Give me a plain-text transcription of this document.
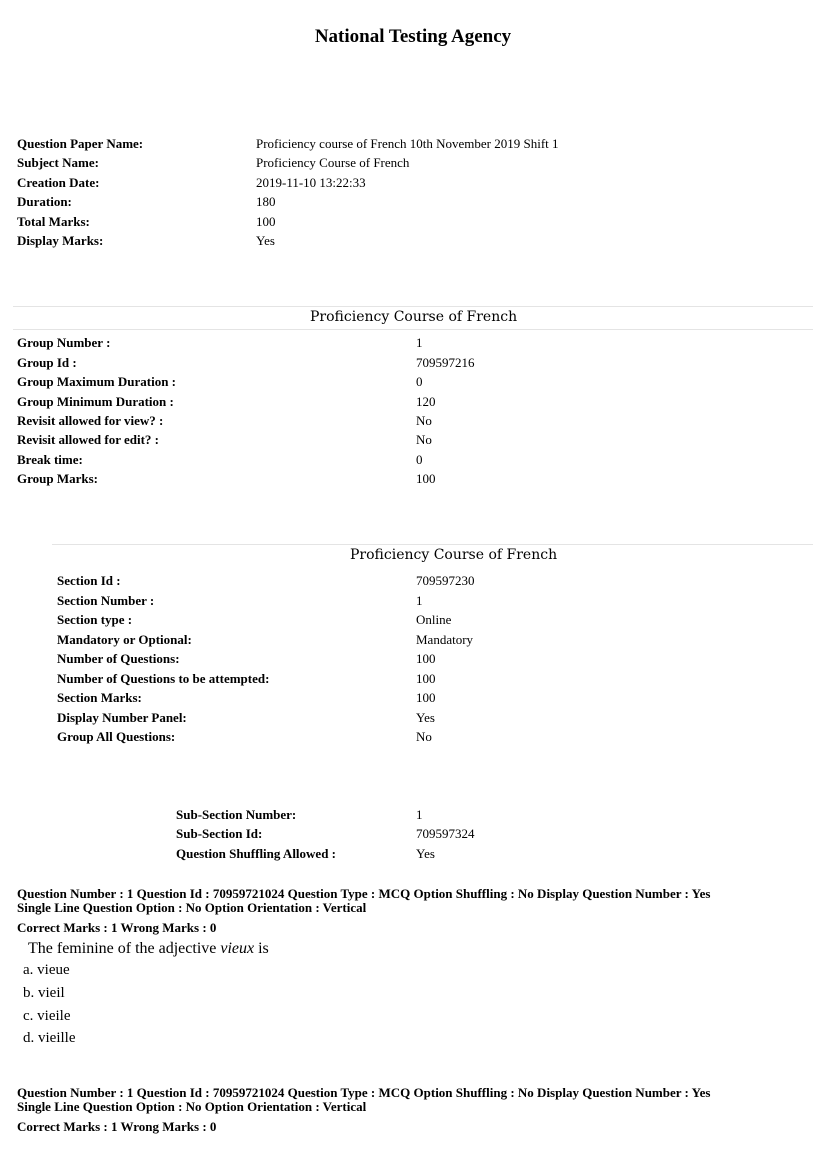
National Testing Agency
Question Paper Name:	Proficiency course of French 10th November 2019 Shift 1
Subject Name:	Proficiency Course of French
Creation Date:	2019-11-10 13:22:33
Duration:	180
Total Marks:	100
Display Marks:	Yes
Proficiency Course of French
Group Number :	1
Group Id :	709597216
Group Maximum Duration :	0
Group Minimum Duration :	120
Revisit allowed for view? :	No
Revisit allowed for edit? :	No
Break time:	0
Group Marks:	100
Proficiency Course of French
Section Id :	709597230
Section Number :	1
Section type :	Online
Mandatory or Optional:	Mandatory
Number of Questions:	100
Number of Questions to be attempted:	100
Section Marks:	100
Display Number Panel:	Yes
Group All Questions:	No
Sub-Section Number:	1
Sub-Section Id:	709597324
Question Shuffling Allowed :	Yes
Question Number : 1 Question Id : 70959721024 Question Type : MCQ Option Shuffling : No Display Question Number : Yes
Single Line Question Option : No Option Orientation : Vertical
Correct Marks : 1 Wrong Marks : 0
The feminine of the adjective vieux is
a. vieue
b. vieil
c. vieile
d. vieille
Question Number : 1 Question Id : 70959721024 Question Type : MCQ Option Shuffling : No Display Question Number : Yes
Single Line Question Option : No Option Orientation : Vertical
Correct Marks : 1 Wrong Marks : 0
